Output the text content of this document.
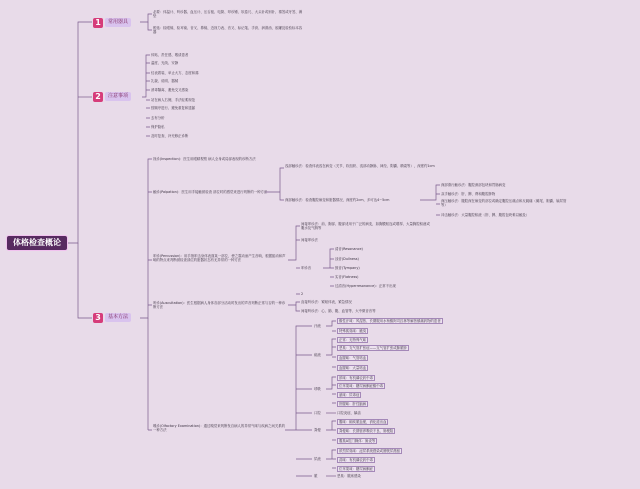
体格检查概论
1	常用器具
必要：体温计、听诊器、血压计、压舌板、电筒、叩诊锤、软卷尺、大头针或别针、棉签或牙签、褥垫
酌选：检眼镜、检耳镜、音叉、鼻镜、近视力表、音叉、标记笔、手套、润滑油、胶罐及检验标本容器
2	注意事项
体贴、责任感、敬请患者
温度、光线、安静
仪表着装、举止大方、态度和蔼
礼貌、说明、器械
消毒隔离、避免交叉感染
站在病人右侧，手法轻柔规范
按顺序进行、避免重复和遗漏
去有分析
保护隐私
及时复查、补充修正诊断
3	基本方法
视诊(Inspection)：医生用眼睛观察 病人全身或局部表现的诊断方法
触诊(Palpation)：医生用手接触被检查 部位时的感觉来进行判断的一种方法
浅部触诊法：检查体表浅在病变（关节、软组织、浅部动静脉、神经、阴囊、精索等），深度约1cm
深部触诊法：检查腹腔病变和脏器情况，深度约2cm，多可达4~5cm
深部滑行触诊法：腹腔深部包块和胃肠病变
双手触诊法：肝、脾、肾和腹腔肿物
深压触诊法：腹腔深在病变的部位或确定腹腔压痛点和反跳痛（阑尾、胆囊、输尿管等）
冲击触诊法：大量腹腔积液（肝、脾、腹腔包块难以触及）
叩诊(Percussion)：用手指叩击身体表面某一部位，使之震动而产生音响，根据振动和声响的特点来判断被检查部位的脏器状态有无异常的一种方法
间接叩诊法：前、胸部、腹部适用于广泛的病变，如胸膜粘连或增厚、大量胸腔积液或腹水及气胸等
间接叩诊法
叩诊音
清音(Resonance)
浊音(Dullness)
鼓音(Tympany)
实音(Flatness)
过清音(Hyperresonance)：正常不出现
2
听诊(Auscultation)：医生根据病人身体各部分活动时发出的声音判断正常与否的一种诊断方法
直接听诊法：紧贴体表，紧急情况
间接听诊法：心、肺、腹、血管等、大中微音音等
嗅诊(Olfactory Examination)：通过嗅觉来判断发自病人的异常气味与疾病之间关系的一种方法
汗液
酸性汗味：风湿热、长期服用水杨酸阿司匹林等解热镇痛药物的患者
特殊狐臭味：腋臭
痰液
正常：无特殊气味
恶臭：支气管扩张症——支气管扩张或肺脓肿
血腥味：气管咯血
血腥味：大量咯血
呼吸
浓味：有机磷农药中毒
烂苹果味：糖尿病酮症酸中毒
氨味：尿毒症
肝腥味：肝性脑病
口腔	口腔炎症、龋齿
粪便
腥味：痢疾脓血便，消化道出血
粪便味：长期营养吸收不良、肠梗阻
腥臭A肛门腺体：肠炎等
尿液
浓烈尿臭味：泌尿系统感染或膀胱尿潴留
蒜味：有机磷农药中毒
烂苹果味：糖尿病酮症
脓	恶臭：脓疡感染
